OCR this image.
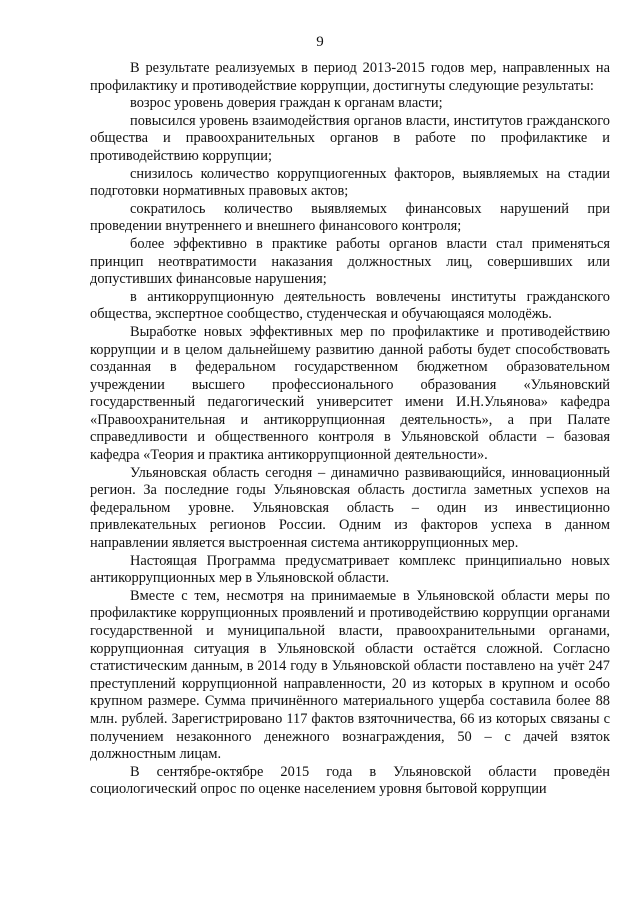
9

В результате реализуемых в период 2013-2015 годов мер, направленных на профилактику и противодействие коррупции, достигнуты следующие результаты:

возрос уровень доверия граждан к органам власти;

повысился уровень взаимодействия органов власти, институтов гражданского общества и правоохранительных органов в работе по профилактике и противодействию коррупции;

снизилось количество коррупциогенных факторов, выявляемых на стадии подготовки нормативных правовых актов;

сократилось количество выявляемых финансовых нарушений при проведении внутреннего и внешнего финансового контроля;

более эффективно в практике работы органов власти стал применяться принцип неотвратимости наказания должностных лиц, совершивших или допустивших финансовые нарушения;

в антикоррупционную деятельность вовлечены институты гражданского общества, экспертное сообщество, студенческая и обучающаяся молодёжь.

Выработке новых эффективных мер по профилактике и противодействию коррупции и в целом дальнейшему развитию данной работы будет способствовать созданная в федеральном государственном бюджетном образовательном учреждении высшего профессионального образования «Ульяновский государственный педагогический университет имени И.Н.Ульянова» кафедра «Правоохранительная и антикоррупционная деятельность», а при Палате справедливости и общественного контроля в Ульяновской области – базовая кафедра «Теория и практика антикоррупционной деятельности».

Ульяновская область сегодня – динамично развивающийся, инновационный регион. За последние годы Ульяновская область достигла заметных успехов на федеральном уровне. Ульяновская область – один из инвестиционно привлекательных регионов России. Одним из факторов успеха в данном направлении является выстроенная система антикоррупционных мер.

Настоящая Программа предусматривает комплекс принципиально новых антикоррупционных мер в Ульяновской области.

Вместе с тем, несмотря на принимаемые в Ульяновской области меры по профилактике коррупционных проявлений и противодействию коррупции органами государственной и муниципальной власти, правоохранительными органами, коррупционная ситуация в Ульяновской области остаётся сложной. Согласно статистическим данным, в 2014 году в Ульяновской области поставлено на учёт 247 преступлений коррупционной направленности, 20 из которых в крупном и особо крупном размере. Сумма причинённого материального ущерба составила более 88 млн. рублей. Зарегистрировано 117 фактов взяточничества, 66 из которых связаны с получением незаконного денежного вознаграждения, 50 – с дачей взяток должностным лицам.

В сентябре-октябре 2015 года в Ульяновской области проведён социологический опрос по оценке населением уровня бытовой коррупции
